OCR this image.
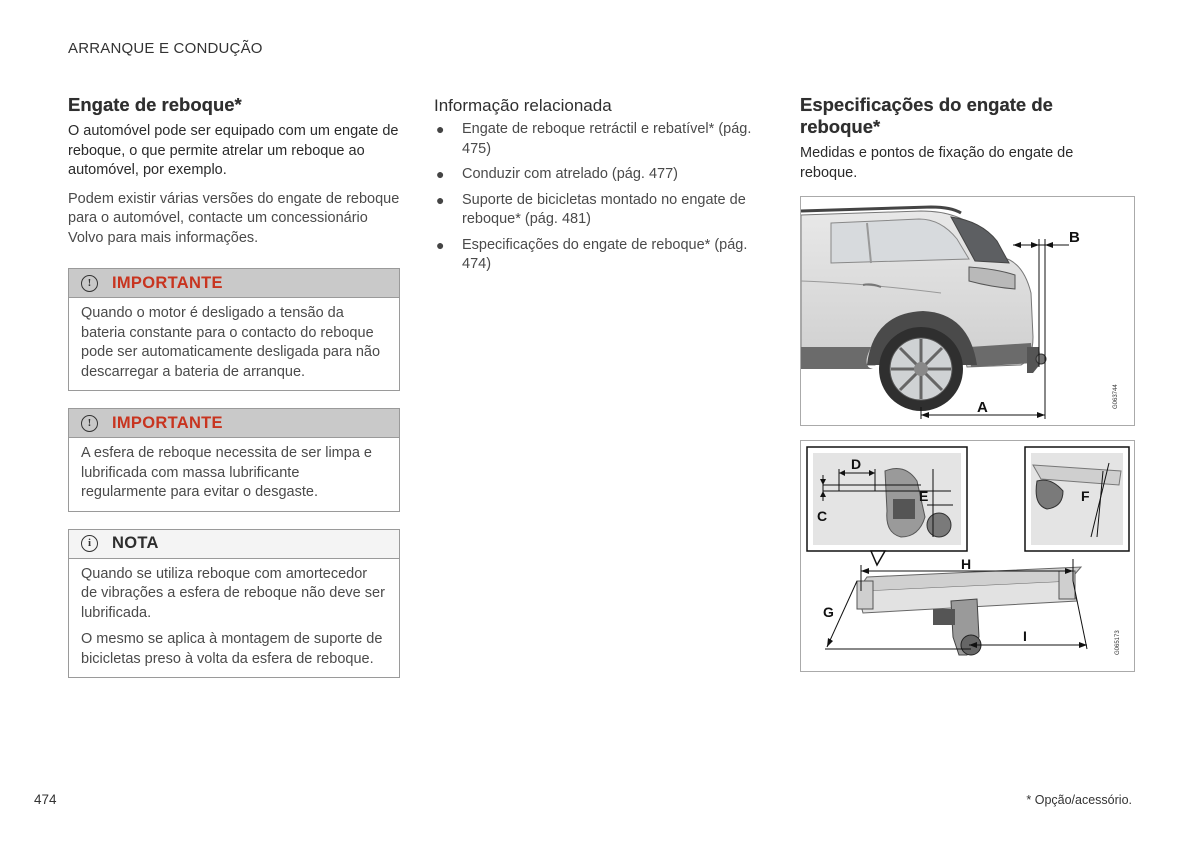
ARRANQUE E CONDUÇÃO
Engate de reboque*

O automóvel pode ser equipado com um engate de reboque, o que permite atrelar um reboque ao automóvel, por exemplo.

Podem existir várias versões do engate de reboque para o automóvel, contacte um concessionário Volvo para mais informações.

!	IMPORTANTE

Quando o motor é desligado a tensão da bateria constante para o contacto do reboque pode ser automaticamente desligada para não descarregar a bateria de arranque.

!	IMPORTANTE

A esfera de reboque necessita de ser limpa e lubrificada com massa lubrificante regularmente para evitar o desgaste.

i	NOTA

Quando se utiliza reboque com amortecedor de vibrações a esfera de reboque não deve ser lubrificada.

O mesmo se aplica à montagem de suporte de bicicletas preso à volta da esfera de reboque.

Informação relacionada
● Engate de reboque retráctil e rebatível* (pág. 475)
● Conduzir com atrelado (pág. 477)
● Suporte de bicicletas montado no engate de reboque* (pág. 481)
● Especificações do engate de reboque* (pág. 474)
Especificações do engate de reboque*

Medidas e pontos de fixação do engate de reboque.

B
A	G063744
D
C
E	F
H
G
I	G065173
474	* Opção/acessório.
